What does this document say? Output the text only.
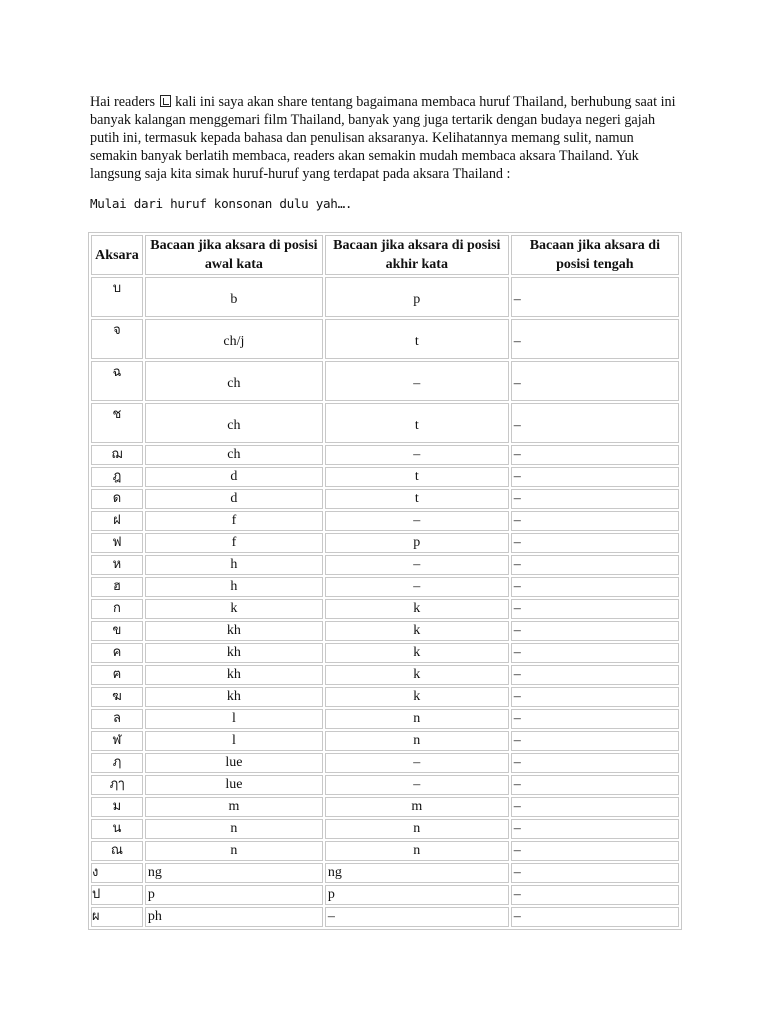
Hai readers  kali ini saya akan share tentang bagaimana membaca huruf Thailand, berhubung saat ini banyak kalangan menggemari film Thailand, banyak yang juga tertarik dengan budaya negeri gajah putih ini, termasuk kepada bahasa dan penulisan aksaranya. Kelihatannya memang sulit, namun semakin banyak berlatih membaca, readers akan semakin mudah membaca aksara Thailand. Yuk langsung saja kita simak huruf-huruf yang terdapat pada aksara Thailand :

Mulai dari huruf konsonan dulu yah….

Aksara	Bacaan jika aksara di posisi awal kata	Bacaan jika aksara di posisi akhir kata	Bacaan jika aksara di posisi tengah
บ	b	p	–
จ	ch/j	t	–
ฉ	ch	–	–
ช	ch	t	–
ฌ	ch	–	–
ฎ	d	t	–
ด	d	t	–
ฝ	f	–	–
ฟ	f	p	–
ห	h	–	–
ฮ	h	–	–
ก	k	k	–
ข	kh	k	–
ค	kh	k	–
ฅ	kh	k	–
ฆ	kh	k	–
ล	l	n	–
ฬ	l	n	–
ฦ	lue	–	–
ฦๅ	lue	–	–
ม	m	m	–
น	n	n	–
ณ	n	n	–
ง	ng	ng	–
ป	p	p	–
ผ	ph	–	–
